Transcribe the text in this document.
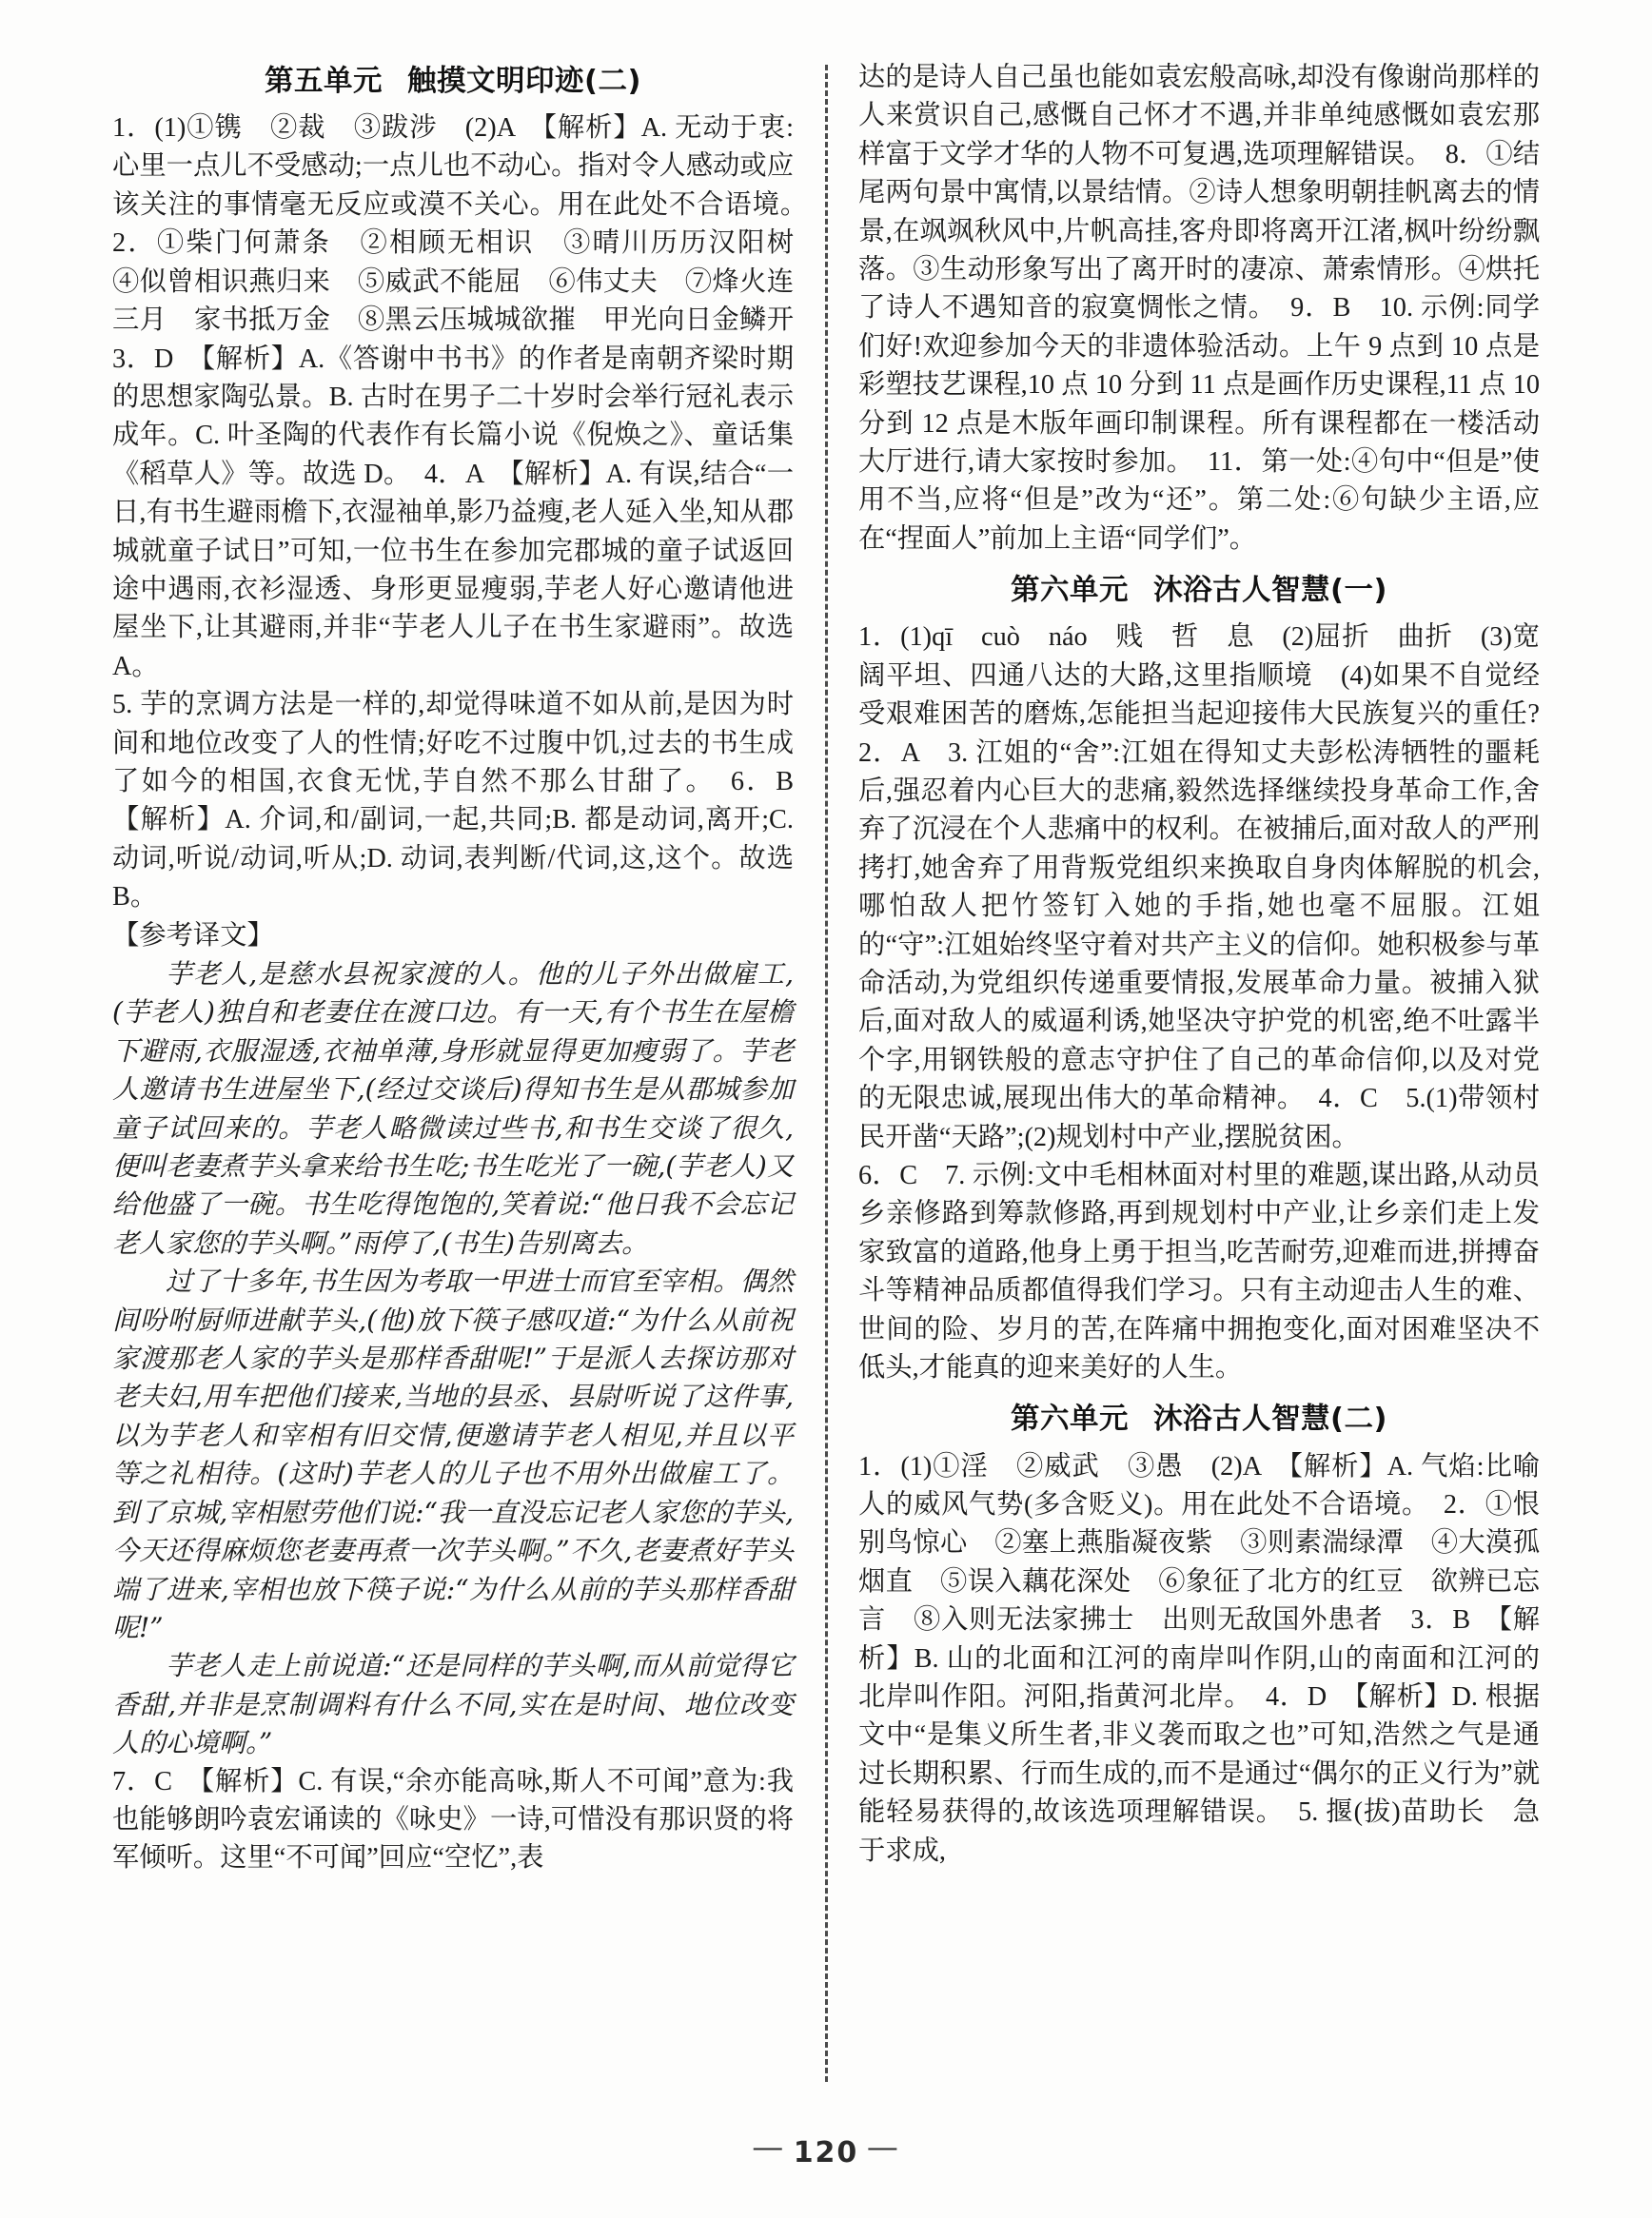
第五单元 触摸文明印迹(二)

1．(1)①镌　②裁　③跋涉　(2)A　【解析】A. 无动于衷:心里一点儿不受感动;一点儿也不动心。指对令人感动或应该关注的事情毫无反应或漠不关心。用在此处不合语境。　2．①柴门何萧条　②相顾无相识　③晴川历历汉阳树　④似曾相识燕归来　⑤威武不能屈　⑥伟丈夫　⑦烽火连三月　家书抵万金　⑧黑云压城城欲摧　甲光向日金鳞开　3．D　【解析】A.《答谢中书书》的作者是南朝齐梁时期的思想家陶弘景。B. 古时在男子二十岁时会举行冠礼表示成年。C. 叶圣陶的代表作有长篇小说《倪焕之》、童话集《稻草人》等。故选 D。　4．A　【解析】A. 有误,结合“一日,有书生避雨檐下,衣湿袖单,影乃益瘦,老人延入坐,知从郡城就童子试日”可知,一位书生在参加完郡城的童子试返回途中遇雨,衣衫湿透、身形更显瘦弱,芋老人好心邀请他进屋坐下,让其避雨,并非“芋老人儿子在书生家避雨”。故选 A。

5. 芋的烹调方法是一样的,却觉得味道不如从前,是因为时间和地位改变了人的性情;好吃不过腹中饥,过去的书生成了如今的相国,衣食无忧,芋自然不那么甘甜了。　6．B　【解析】A. 介词,和/副词,一起,共同;B. 都是动词,离开;C. 动词,听说/动词,听从;D. 动词,表判断/代词,这,这个。故选 B。

【参考译文】

芋老人,是慈水县祝家渡的人。他的儿子外出做雇工,(芋老人)独自和老妻住在渡口边。有一天,有个书生在屋檐下避雨,衣服湿透,衣袖单薄,身形就显得更加瘦弱了。芋老人邀请书生进屋坐下,(经过交谈后)得知书生是从郡城参加童子试回来的。芋老人略微读过些书,和书生交谈了很久,便叫老妻煮芋头拿来给书生吃;书生吃光了一碗,(芋老人)又给他盛了一碗。书生吃得饱饱的,笑着说:“他日我不会忘记老人家您的芋头啊。”雨停了,(书生)告别离去。

过了十多年,书生因为考取一甲进士而官至宰相。偶然间吩咐厨师进献芋头,(他)放下筷子感叹道:“为什么从前祝家渡那老人家的芋头是那样香甜呢!”于是派人去探访那对老夫妇,用车把他们接来,当地的县丞、县尉听说了这件事,以为芋老人和宰相有旧交情,便邀请芋老人相见,并且以平等之礼相待。(这时)芋老人的儿子也不用外出做雇工了。到了京城,宰相慰劳他们说:“我一直没忘记老人家您的芋头,今天还得麻烦您老妻再煮一次芋头啊。”不久,老妻煮好芋头端了进来,宰相也放下筷子说:“为什么从前的芋头那样香甜呢!”

芋老人走上前说道:“还是同样的芋头啊,而从前觉得它香甜,并非是烹制调料有什么不同,实在是时间、地位改变人的心境啊。”

7．C　【解析】C. 有误,“余亦能高咏,斯人不可闻”意为:我也能够朗吟袁宏诵读的《咏史》一诗,可惜没有那识贤的将军倾听。这里“不可闻”回应“空忆”,表

达的是诗人自己虽也能如袁宏般高咏,却没有像谢尚那样的人来赏识自己,感慨自己怀才不遇,并非单纯感慨如袁宏那样富于文学才华的人物不可复遇,选项理解错误。　8．①结尾两句景中寓情,以景结情。②诗人想象明朝挂帆离去的情景,在飒飒秋风中,片帆高挂,客舟即将离开江渚,枫叶纷纷飘落。③生动形象写出了离开时的凄凉、萧索情形。④烘托了诗人不遇知音的寂寞惆怅之情。　9．B　10. 示例:同学们好!欢迎参加今天的非遗体验活动。上午 9 点到 10 点是彩塑技艺课程,10 点 10 分到 11 点是画作历史课程,11 点 10 分到 12 点是木版年画印制课程。所有课程都在一楼活动大厅进行,请大家按时参加。　11．第一处:④句中“但是”使用不当,应将“但是”改为“还”。第二处:⑥句缺少主语,应在“捏面人”前加上主语“同学们”。

第六单元 沐浴古人智慧(一)

1．(1)qī　cuò　náo　贱　哲　息　(2)屈折　曲折　(3)宽阔平坦、四通八达的大路,这里指顺境　(4)如果不自觉经受艰难困苦的磨炼,怎能担当起迎接伟大民族复兴的重任?　2．A　3. 江姐的“舍”:江姐在得知丈夫彭松涛牺牲的噩耗后,强忍着内心巨大的悲痛,毅然选择继续投身革命工作,舍弃了沉浸在个人悲痛中的权利。在被捕后,面对敌人的严刑拷打,她舍弃了用背叛党组织来换取自身肉体解脱的机会,哪怕敌人把竹签钉入她的手指,她也毫不屈服。江姐的“守”:江姐始终坚守着对共产主义的信仰。她积极参与革命活动,为党组织传递重要情报,发展革命力量。被捕入狱后,面对敌人的威逼利诱,她坚决守护党的机密,绝不吐露半个字,用钢铁般的意志守护住了自己的革命信仰,以及对党的无限忠诚,展现出伟大的革命精神。　4．C　5.(1)带领村民开凿“天路”;(2)规划村中产业,摆脱贫困。

6．C　7. 示例:文中毛相林面对村里的难题,谋出路,从动员乡亲修路到筹款修路,再到规划村中产业,让乡亲们走上发家致富的道路,他身上勇于担当,吃苦耐劳,迎难而进,拼搏奋斗等精神品质都值得我们学习。只有主动迎击人生的难、世间的险、岁月的苦,在阵痛中拥抱变化,面对困难坚决不低头,才能真的迎来美好的人生。

第六单元 沐浴古人智慧(二)

1．(1)①淫　②威武　③愚　(2)A　【解析】A. 气焰:比喻人的威风气势(多含贬义)。用在此处不合语境。　2．①恨别鸟惊心　②塞上燕脂凝夜紫　③则素湍绿潭　④大漠孤烟直　⑤误入藕花深处　⑥象征了北方的红豆　欲辨已忘言　⑧入则无法家拂士　出则无敌国外患者　3．B　【解析】B. 山的北面和江河的南岸叫作阴,山的南面和江河的北岸叫作阳。河阳,指黄河北岸。　4．D　【解析】D. 根据文中“是集义所生者,非义袭而取之也”可知,浩然之气是通过长期积累、行而生成的,而不是通过“偶尔的正义行为”就能轻易获得的,故该选项理解错误。　5. 揠(拔)苗助长　急于求成,

— 120 —
